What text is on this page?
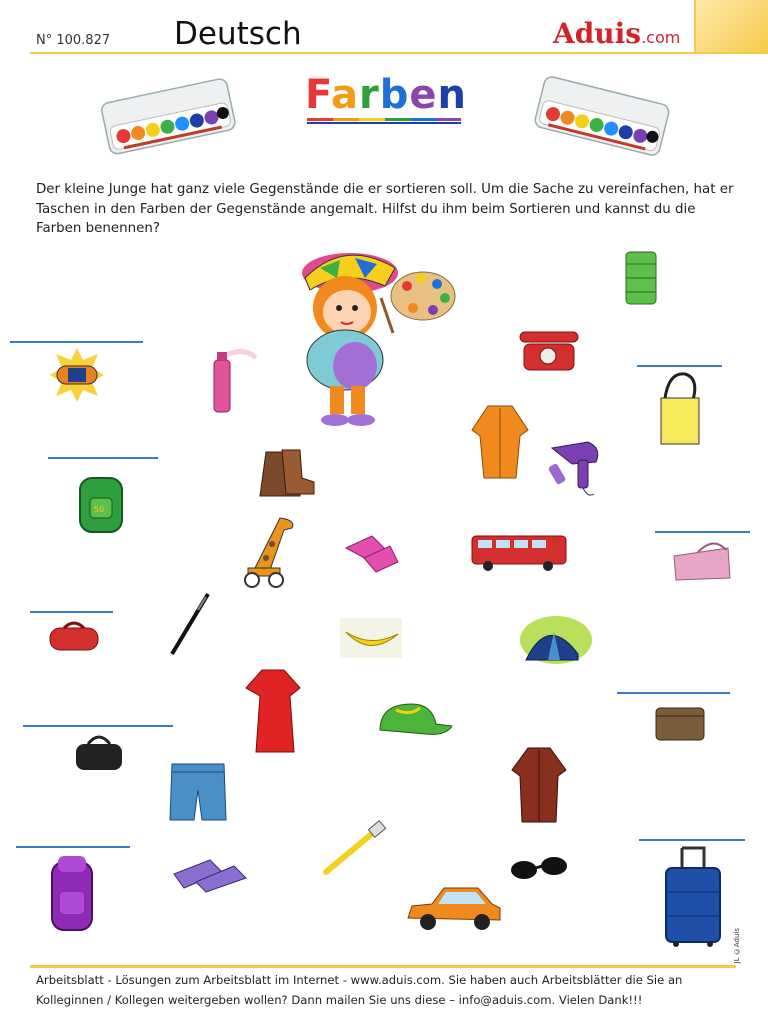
N° 100.827 Deutsch	Aduis.com
Farben
Der kleine Junge hat ganz viele Gegenstände die er sortieren soll. Um die Sache zu vereinfachen, hat er Taschen in den Farben der Gegenstände angemalt. Hilfst du ihm beim Sortieren und kannst du die Farben benennen?
50
JL ©Aduis
Arbeitsblatt - Lösungen zum Arbeitsblatt im Internet - www.aduis.com. Sie haben auch Arbeitsblätter die Sie an
Kolleginnen / Kollegen weitergeben wollen? Dann mailen Sie uns diese – info@aduis.com. Vielen Dank!!!
